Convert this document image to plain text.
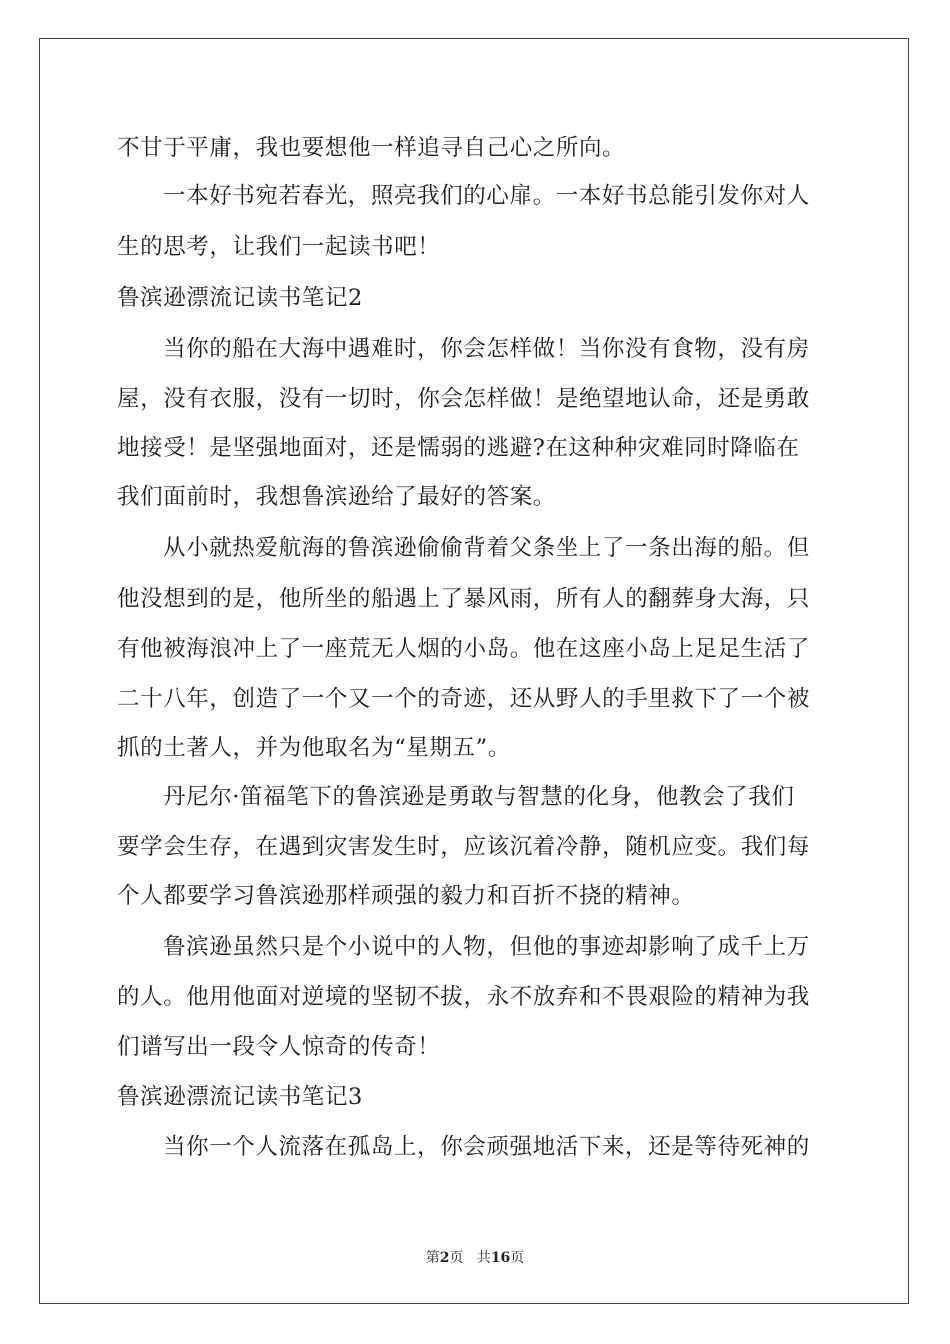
不甘于平庸，我也要想他一样追寻自己心之所向。
一本好书宛若春光，照亮我们的心扉。一本好书总能引发你对人
生的思考，让我们一起读书吧！
鲁滨逊漂流记读书笔记2
当你的船在大海中遇难时，你会怎样做！当你没有食物，没有房
屋，没有衣服，没有一切时，你会怎样做！是绝望地认命，还是勇敢
地接受！是坚强地面对，还是懦弱的逃避?在这种种灾难同时降临在
我们面前时，我想鲁滨逊给了最好的答案。
从小就热爱航海的鲁滨逊偷偷背着父条坐上了一条出海的船。但
他没想到的是，他所坐的船遇上了暴风雨，所有人的翻葬身大海，只
有他被海浪冲上了一座荒无人烟的小岛。他在这座小岛上足足生活了
二十八年，创造了一个又一个的奇迹，还从野人的手里救下了一个被
抓的土著人，并为他取名为“星期五”。
丹尼尔·笛福笔下的鲁滨逊是勇敢与智慧的化身，他教会了我们
要学会生存，在遇到灾害发生时，应该沉着冷静，随机应变。我们每
个人都要学习鲁滨逊那样顽强的毅力和百折不挠的精神。
鲁滨逊虽然只是个小说中的人物，但他的事迹却影响了成千上万
的人。他用他面对逆境的坚韧不拔，永不放弃和不畏艰险的精神为我
们谱写出一段令人惊奇的传奇！
鲁滨逊漂流记读书笔记3
当你一个人流落在孤岛上，你会顽强地活下来，还是等待死神的
第2页 共16页
